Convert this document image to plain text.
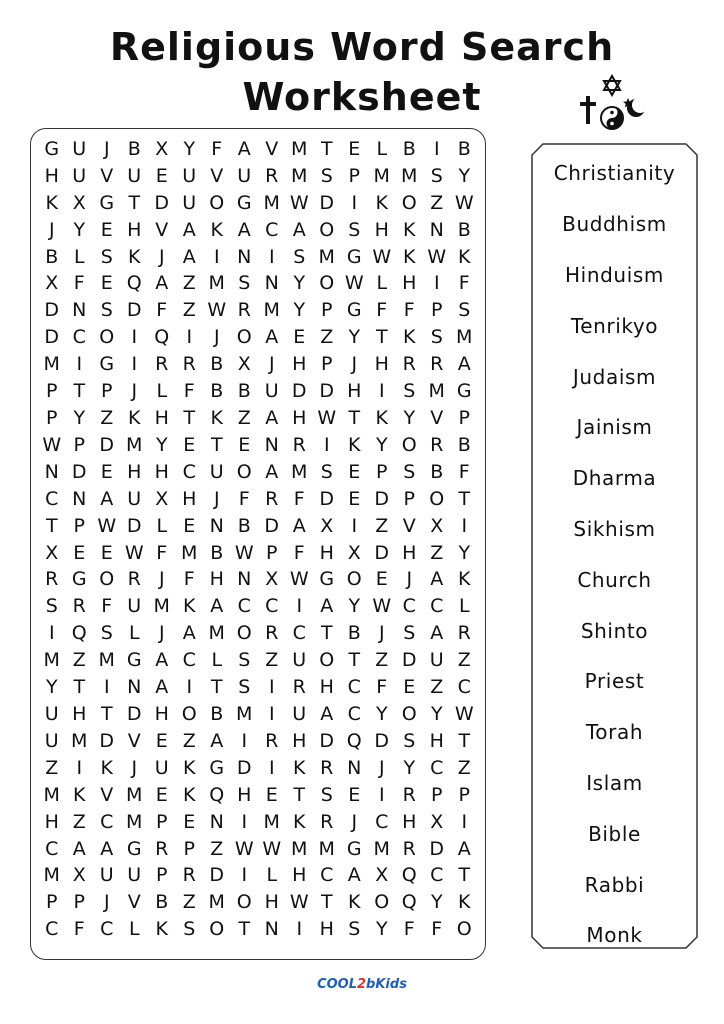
Religious Word Search
Worksheet
G U J B X Y F A V M T E L B I B
H U V U E U V U R M S P M M S Y
K X G T D U O G M W D I K O Z W
J Y E H V A K A C A O S H K N B
B L S K J A I N I S M G W K W K
X F E Q A Z M S N Y O W L H I	F
D N S D F Z W R M Y P G F F P S
D C O I Q I	J O A E Z Y T K S M
M I G I R R B X J H P J H R R A
P T P J	L F B B U D D H I S M G
P Y Z K H T K Z A H W T K Y V P
W P D M Y E T E N R I K Y O R B
N D E H H C U O A M S E P S B F
C N A U X H J	F R F D E D P O T
T P W D L E N B D A X I Z V X I
X E E W F M B W P F H X D H Z Y
R G O R J	F H N X W G O E J A K
S R F U M K A C C I A Y W C C L
I Q S L	J A M O R C T B J S A R
M Z M G A C L S Z U O T Z D U Z
Y T I N A I T S I R H C F E Z C
U H T D H O B M I U A C Y O Y W
U M D V E Z A I R H D Q D S H T
Z I K J U K G D I K R N J Y C Z
M K V M E K Q H E T S E I R P P
H Z C M P E N I M K R J C H X I
C A A G R P Z W W M M G M R D A
M X U U P R D I	L H C A X Q C T
P P J V B Z M O H W T K O Q Y K
C F C L K S O T N I H S Y F F O
Christianity
Buddhism
Hinduism
Tenrikyo
Judaism
Jainism
Dharma
Sikhism
Church
Shinto
Priest
Torah
Islam
Bible
Rabbi
Monk
COOL2bKids
